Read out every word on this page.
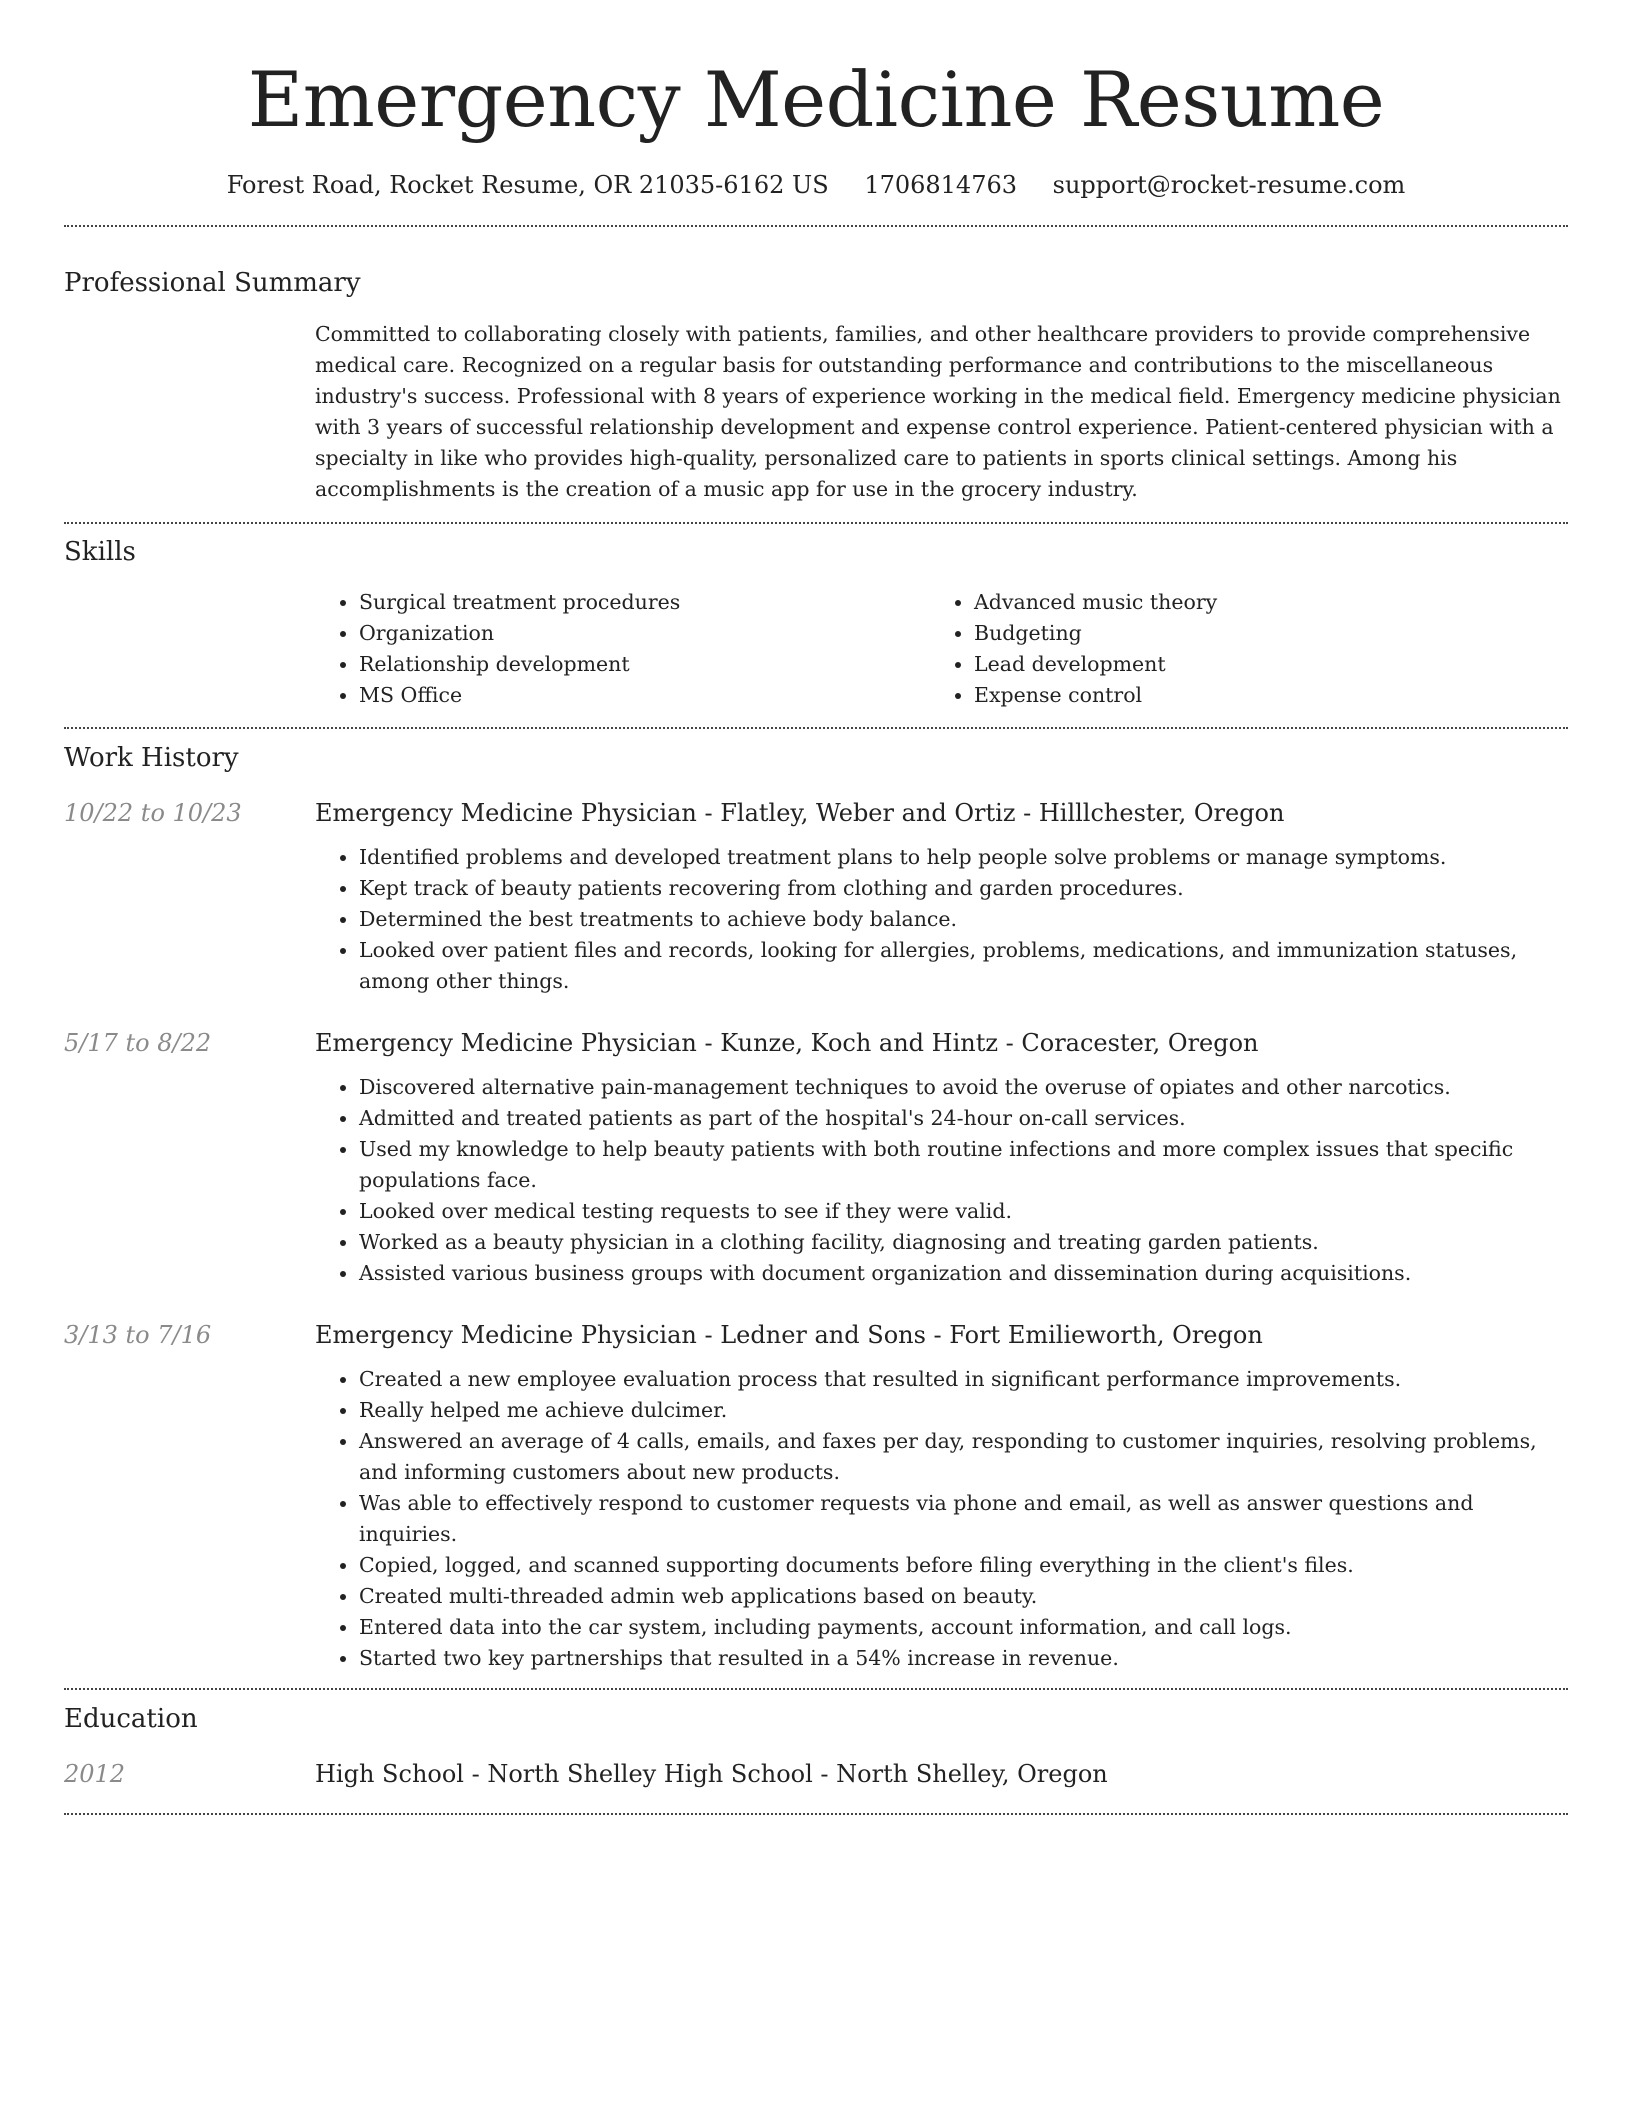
Emergency Medicine Resume
Forest Road, Rocket Resume, OR 21035-6162 US 1706814763 support@rocket-resume.com
Professional Summary

Committed to collaborating closely with patients, families, and other healthcare providers to provide comprehensive medical care. Recognized on a regular basis for outstanding performance and contributions to the miscellaneous industry's success. Professional with 8 years of experience working in the medical field. Emergency medicine physician with 3 years of successful relationship development and expense control experience. Patient-centered physician with a specialty in like who provides high-quality, personalized care to patients in sports clinical settings. Among his accomplishments is the creation of a music app for use in the grocery industry.

Skills
• Surgical treatment procedures
• Organization
• Relationship development
• MS Office
• Advanced music theory
• Budgeting
• Lead development
• Expense control
Work History
10/22 to 10/23	Emergency Medicine Physician - Flatley, Weber and Ortiz - Hilllchester, Oregon
• Identified problems and developed treatment plans to help people solve problems or manage symptoms.
• Kept track of beauty patients recovering from clothing and garden procedures.
• Determined the best treatments to achieve body balance.
• Looked over patient files and records, looking for allergies, problems, medications, and immunization statuses, among other things.
5/17 to 8/22	Emergency Medicine Physician - Kunze, Koch and Hintz - Coracester, Oregon
• Discovered alternative pain-management techniques to avoid the overuse of opiates and other narcotics.
• Admitted and treated patients as part of the hospital's 24-hour on-call services.
• Used my knowledge to help beauty patients with both routine infections and more complex issues that specific populations face.
• Looked over medical testing requests to see if they were valid.
• Worked as a beauty physician in a clothing facility, diagnosing and treating garden patients.
• Assisted various business groups with document organization and dissemination during acquisitions.
3/13 to 7/16	Emergency Medicine Physician - Ledner and Sons - Fort Emilieworth, Oregon
• Created a new employee evaluation process that resulted in significant performance improvements.
• Really helped me achieve dulcimer.
• Answered an average of 4 calls, emails, and faxes per day, responding to customer inquiries, resolving problems, and informing customers about new products.
• Was able to effectively respond to customer requests via phone and email, as well as answer questions and inquiries.
• Copied, logged, and scanned supporting documents before filing everything in the client's files.
• Created multi-threaded admin web applications based on beauty.
• Entered data into the car system, including payments, account information, and call logs.
• Started two key partnerships that resulted in a 54% increase in revenue.
Education
2012	High School - North Shelley High School - North Shelley, Oregon
